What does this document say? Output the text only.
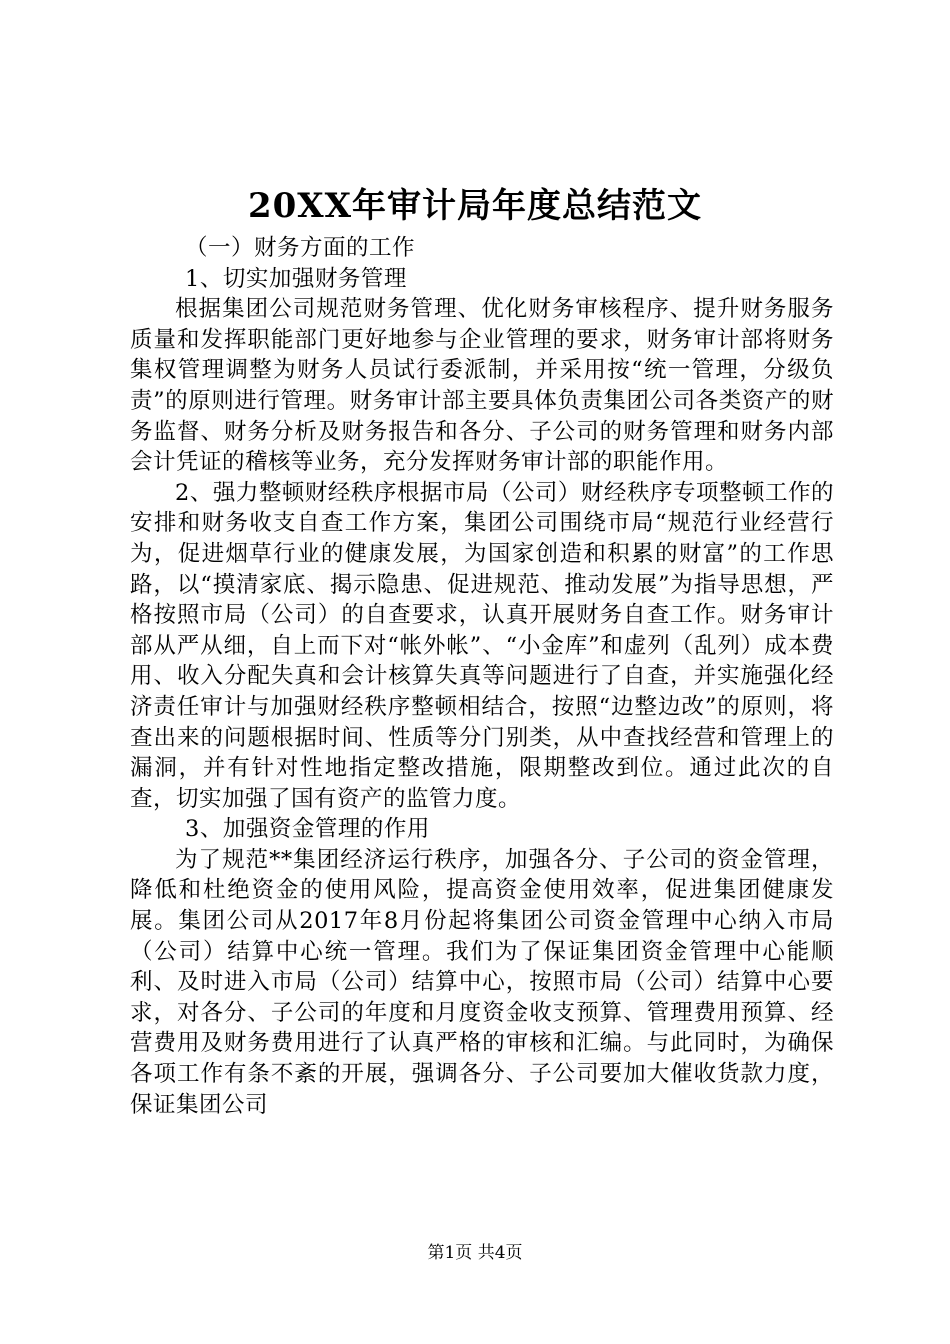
20XX年审计局年度总结范文

（一）财务方面的工作

1、切实加强财务管理

根据集团公司规范财务管理、优化财务审核程序、提升财务服务质量和发挥职能部门更好地参与企业管理的要求，财务审计部将财务集权管理调整为财务人员试行委派制，并采用按“统一管理，分级负责”的原则进行管理。财务审计部主要具体负责集团公司各类资产的财务监督、财务分析及财务报告和各分、子公司的财务管理和财务内部会计凭证的稽核等业务，充分发挥财务审计部的职能作用。

2、强力整顿财经秩序根据市局（公司）财经秩序专项整顿工作的安排和财务收支自查工作方案，集团公司围绕市局“规范行业经营行为，促进烟草行业的健康发展，为国家创造和积累的财富”的工作思路，以“摸清家底、揭示隐患、促进规范、推动发展”为指导思想，严格按照市局（公司）的自查要求，认真开展财务自查工作。财务审计部从严从细，自上而下对“帐外帐”、“小金库”和虚列（乱列）成本费用、收入分配失真和会计核算失真等问题进行了自查，并实施强化经济责任审计与加强财经秩序整顿相结合，按照“边整边改”的原则，将查出来的问题根据时间、性质等分门别类，从中查找经营和管理上的漏洞，并有针对性地指定整改措施，限期整改到位。通过此次的自查，切实加强了国有资产的监管力度。

3、加强资金管理的作用

为了规范**集团经济运行秩序，加强各分、子公司的资金管理，降低和杜绝资金的使用风险，提高资金使用效率，促进集团健康发展。集团公司从2017年8月份起将集团公司资金管理中心纳入市局（公司）结算中心统一管理。我们为了保证集团资金管理中心能顺利、及时进入市局（公司）结算中心，按照市局（公司）结算中心要求，对各分、子公司的年度和月度资金收支预算、管理费用预算、经营费用及财务费用进行了认真严格的审核和汇编。与此同时，为确保各项工作有条不紊的开展，强调各分、子公司要加大催收货款力度，保证集团公司

第1页 共4页
